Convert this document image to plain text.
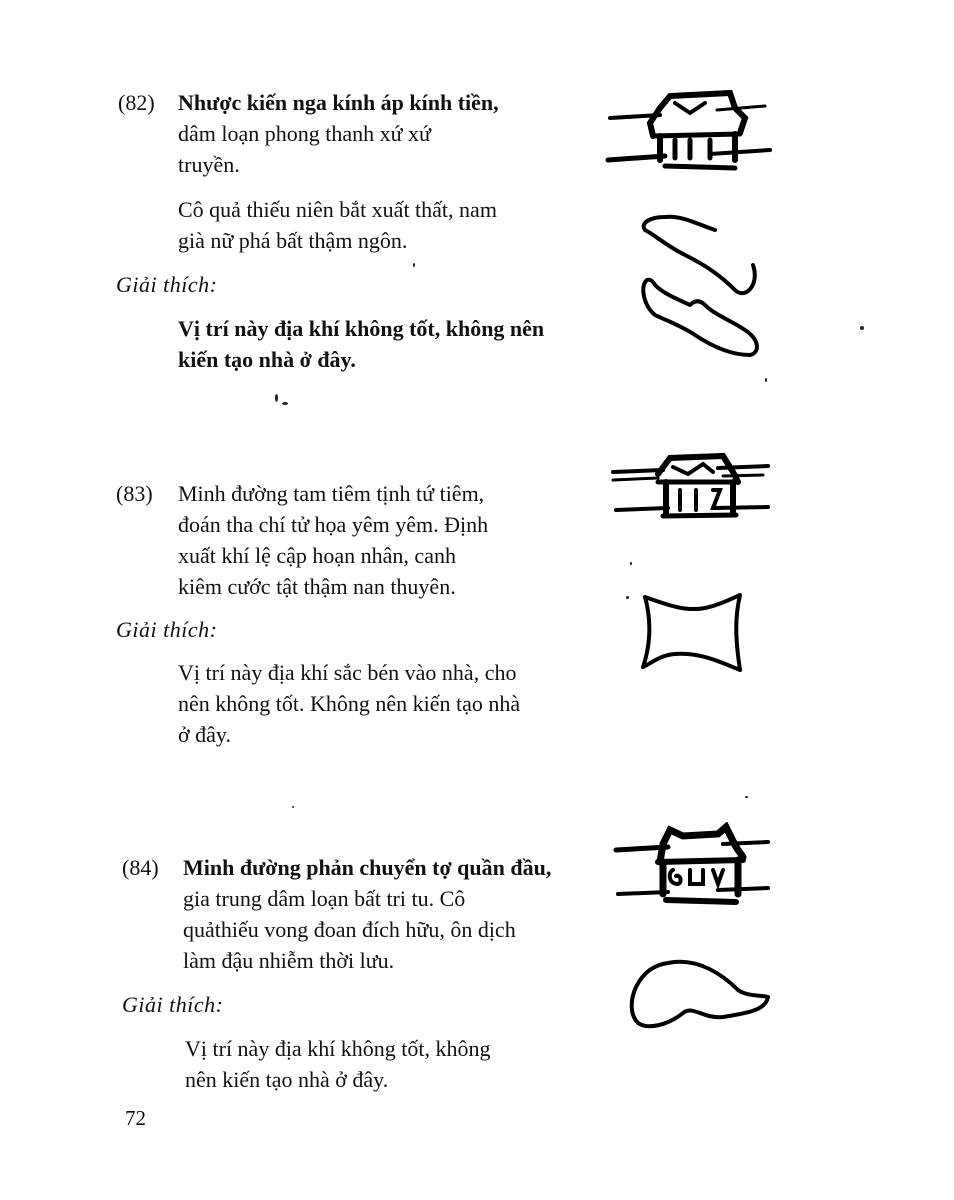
(82) Nhược kiến nga kính áp kính tiền,
dâm loạn phong thanh xứ xứ
truyền.
Cô quả thiếu niên bắt xuất thất, nam
già nữ phá bất thậm ngôn.
Giải thích:
Vị trí này địa khí không tốt, không nên
kiến tạo nhà ở đây.
(83) Minh đường tam tiêm tịnh tứ tiêm,
đoán tha chí tử họa yêm yêm. Định
xuất khí lệ cập hoạn nhân, canh
kiêm cước tật thậm nan thuyên.
Giải thích:
Vị trí này địa khí sắc bén vào nhà, cho
nên không tốt. Không nên kiến tạo nhà
ở đây.
(84) Minh đường phản chuyển tợ quần đầu,
gia trung dâm loạn bất tri tu. Cô
quảthiếu vong đoan đích hữu, ôn dịch
làm đậu nhiễm thời lưu.
Giải thích:
Vị trí này địa khí không tốt, không
nên kiến tạo nhà ở đây.
72
